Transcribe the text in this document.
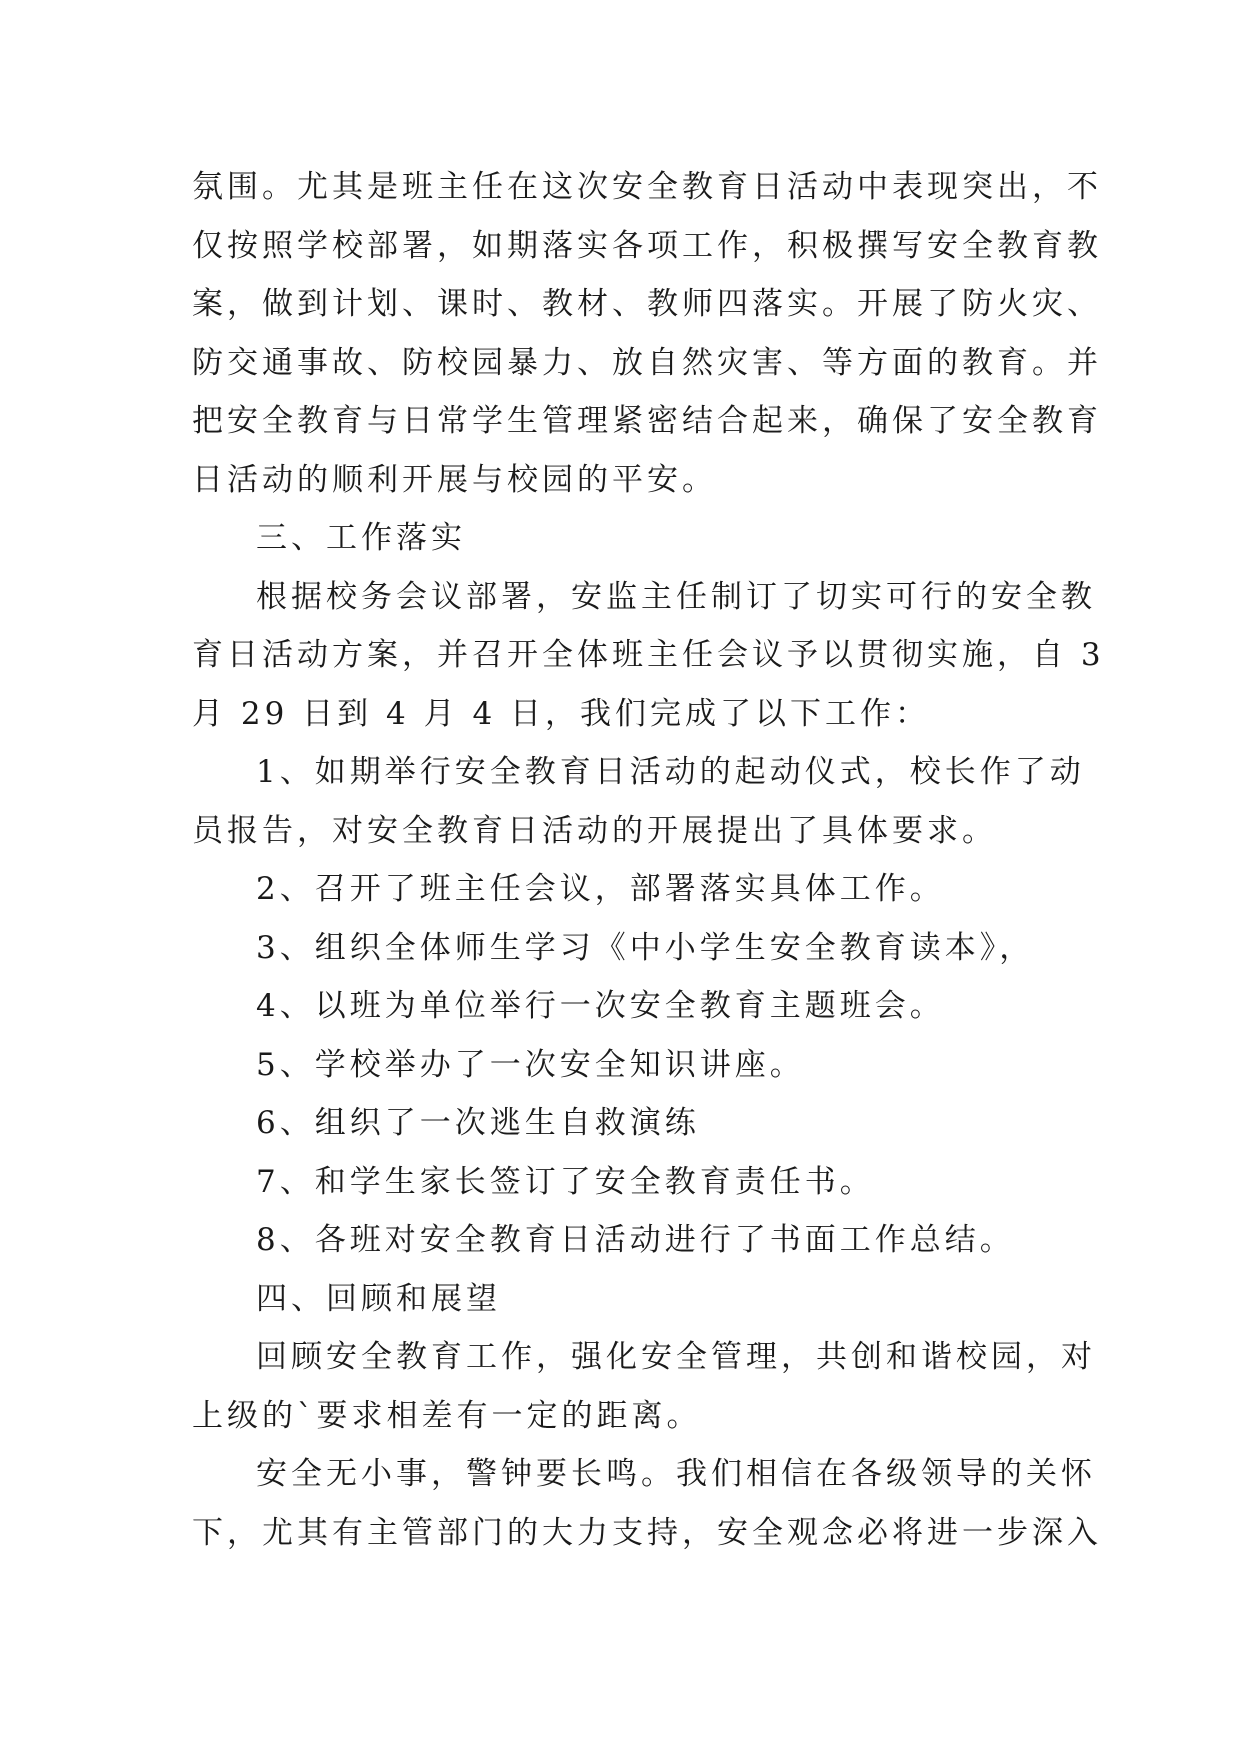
氛围。尤其是班主任在这次安全教育日活动中表现突出，不
仅按照学校部署，如期落实各项工作，积极撰写安全教育教
案，做到计划、课时、教材、教师四落实。开展了防火灾、
防交通事故、防校园暴力、放自然灾害、等方面的教育。并
把安全教育与日常学生管理紧密结合起来，确保了安全教育
日活动的顺利开展与校园的平安。
三、工作落实
根据校务会议部署，安监主任制订了切实可行的安全教
育日活动方案，并召开全体班主任会议予以贯彻实施，自 3
月 29 日到 4 月 4 日，我们完成了以下工作：
1、如期举行安全教育日活动的起动仪式，校长作了动
员报告，对安全教育日活动的开展提出了具体要求。
2、召开了班主任会议，部署落实具体工作。
3、组织全体师生学习《中小学生安全教育读本》，
4、以班为单位举行一次安全教育主题班会。
5、学校举办了一次安全知识讲座。
6、组织了一次逃生自救演练
7、和学生家长签订了安全教育责任书。
8、各班对安全教育日活动进行了书面工作总结。
四、回顾和展望
回顾安全教育工作，强化安全管理，共创和谐校园，对
上级的`要求相差有一定的距离。
安全无小事，警钟要长鸣。我们相信在各级领导的关怀
下，尤其有主管部门的大力支持，安全观念必将进一步深入
